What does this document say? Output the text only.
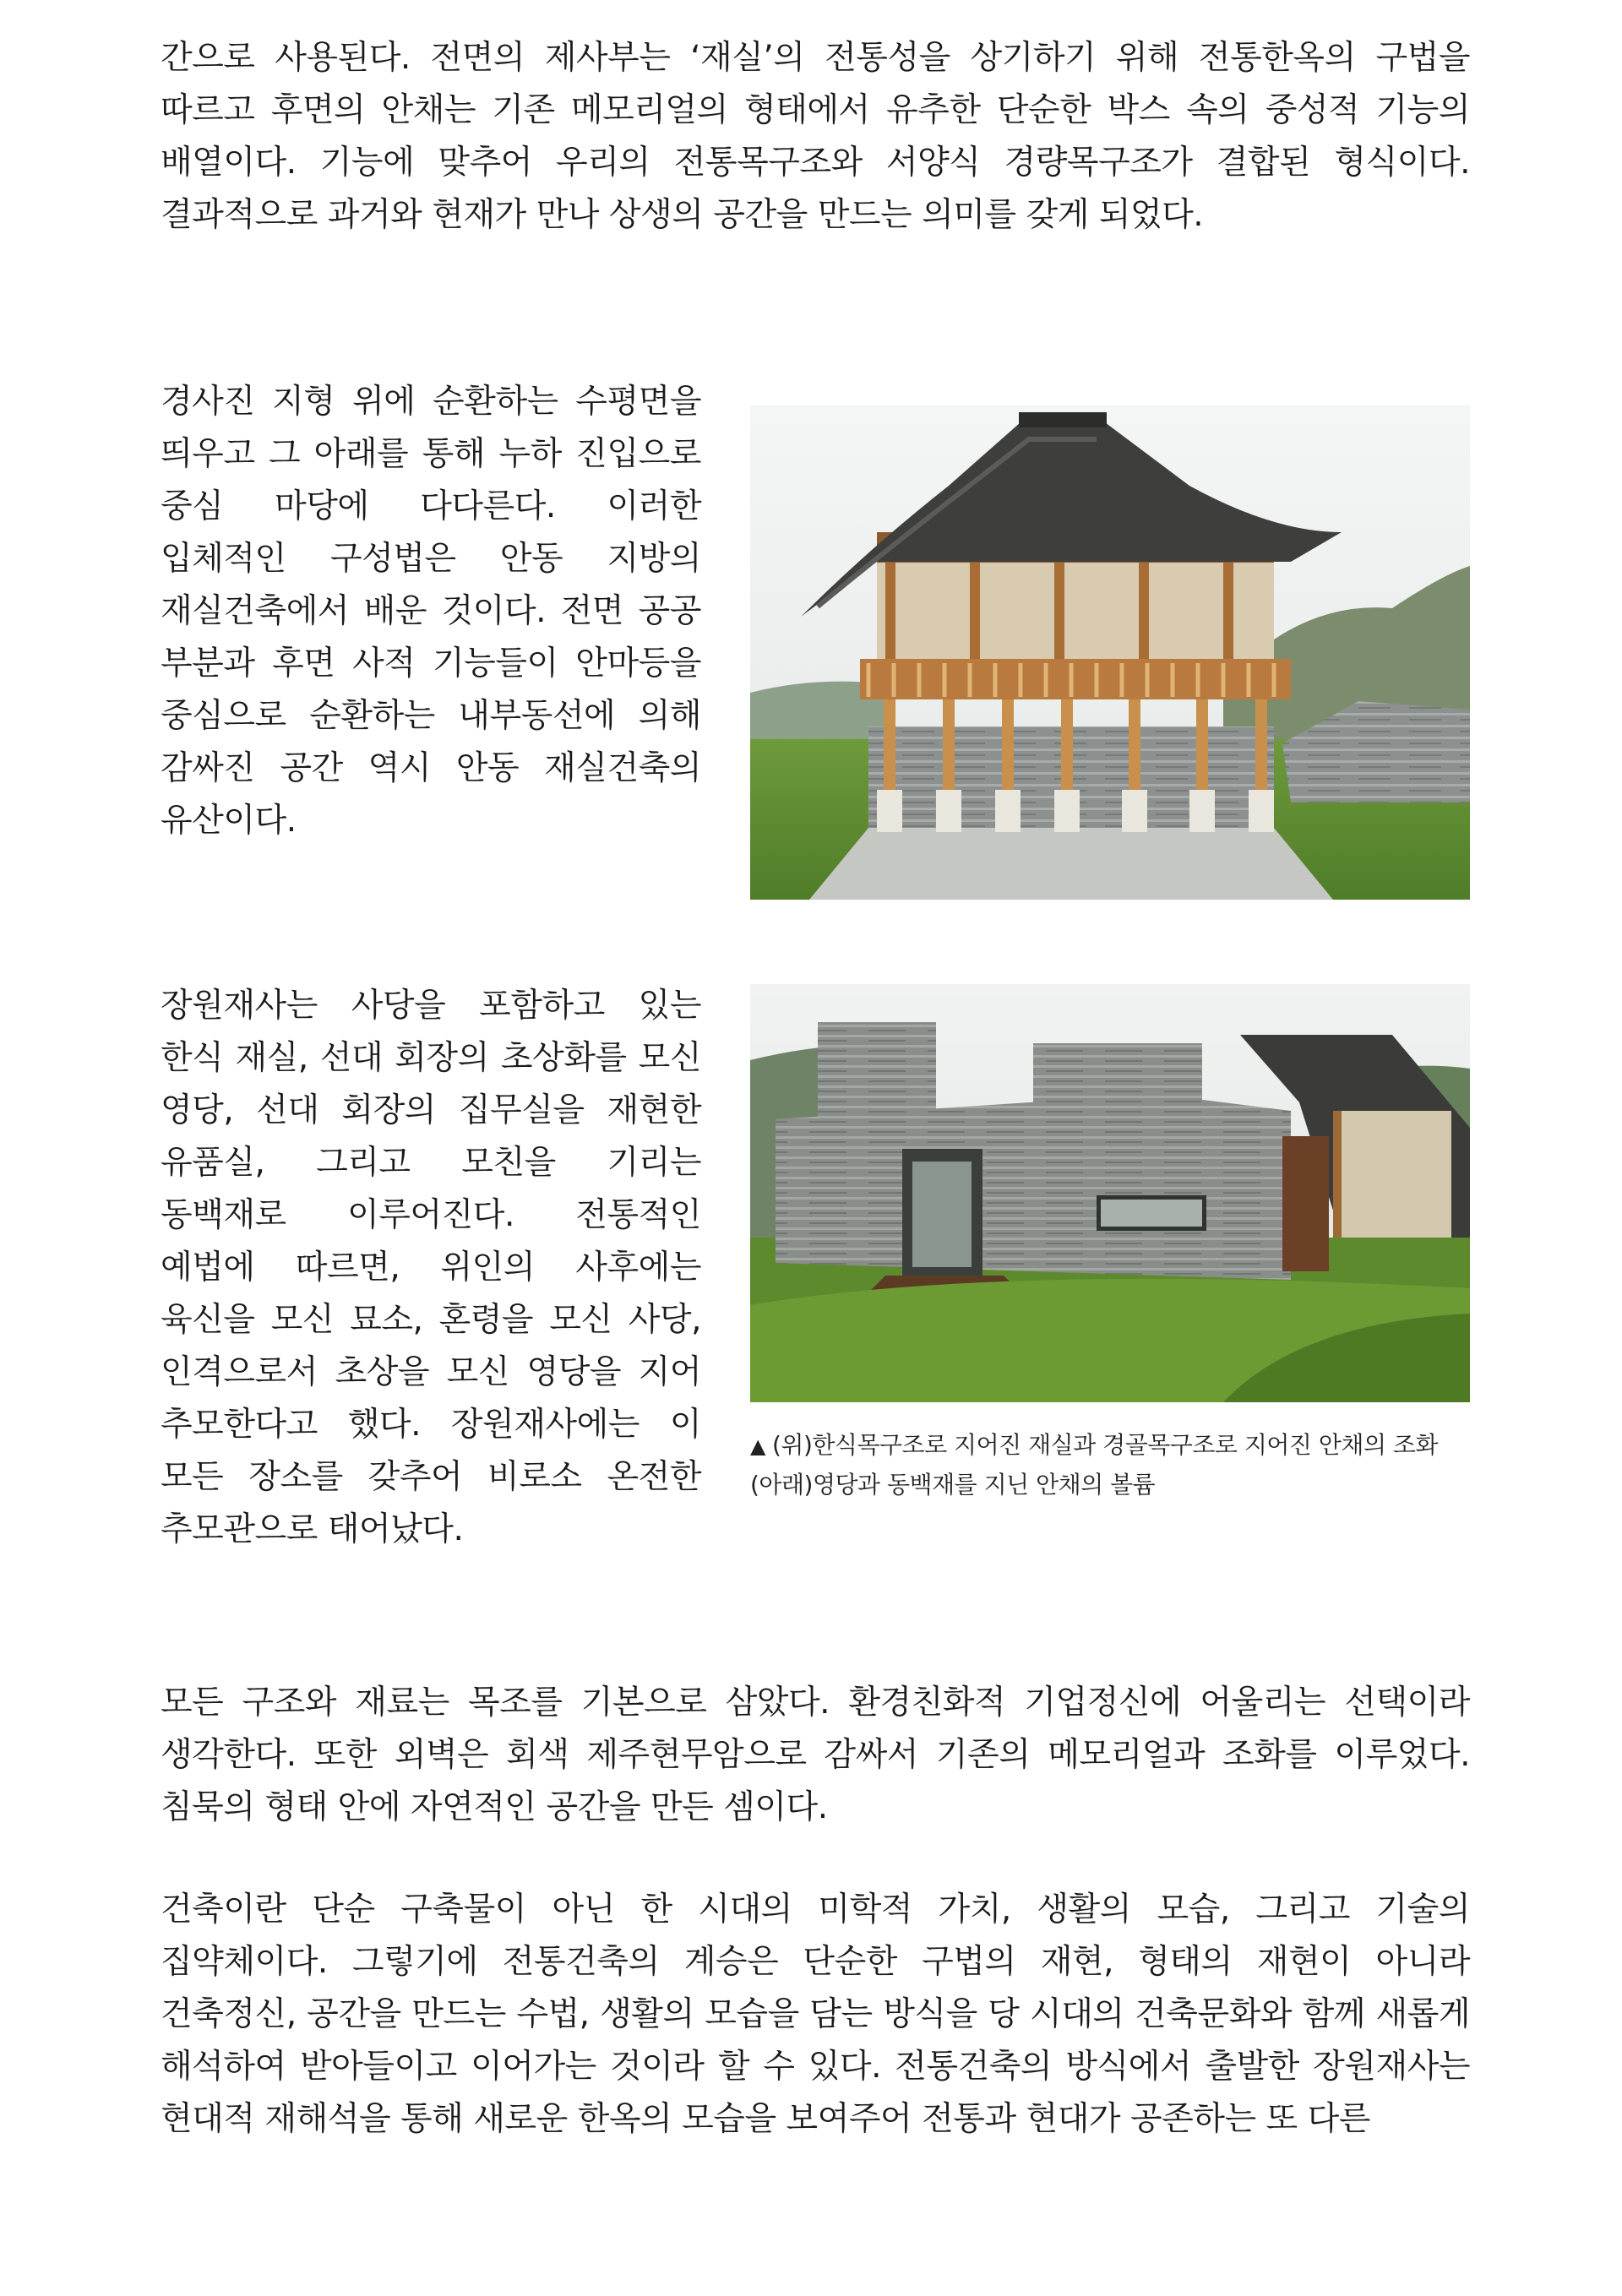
간으로 사용된다. 전면의 제사부는 ‘재실’의 전통성을 상기하기 위해 전통한옥의 구법을 따르고 후면의 안채는 기존 메모리얼의 형태에서 유추한 단순한 박스 속의 중성적 기능의 배열이다. 기능에 맞추어 우리의 전통목구조와 서양식 경량목구조가 결합된 형식이다. 결과적으로 과거와 현재가 만나 상생의 공간을 만드는 의미를 갖게 되었다.

경사진 지형 위에 순환하는 수평면을 띄우고 그 아래를 통해 누하 진입으로 중심 마당에 다다른다. 이러한 입체적인 구성법은 안동 지방의 재실건축에서 배운 것이다. 전면 공공 부분과 후면 사적 기능들이 안마등을 중심으로 순환하는 내부동선에 의해 감싸진 공간 역시 안동 재실건축의 유산이다.

장원재사는 사당을 포함하고 있는 한식 재실, 선대 회장의 초상화를 모신 영당, 선대 회장의 집무실을 재현한 유품실, 그리고 모친을 기리는 동백재로 이루어진다. 전통적인 예법에 따르면, 위인의 사후에는 육신을 모신 묘소, 혼령을 모신 사당, 인격으로서 초상을 모신 영당을 지어 추모한다고 했다. 장원재사에는 이 모든 장소를 갖추어 비로소 온전한 추모관으로 태어났다.

▲ (위)한식목구조로 지어진 재실과 경골목구조로 지어진 안채의 조화 (아래)영당과 동백재를 지닌 안채의 볼륨

모든 구조와 재료는 목조를 기본으로 삼았다. 환경친화적 기업정신에 어울리는 선택이라 생각한다. 또한 외벽은 회색 제주현무암으로 감싸서 기존의 메모리얼과 조화를 이루었다. 침묵의 형태 안에 자연적인 공간을 만든 셈이다.

건축이란 단순 구축물이 아닌 한 시대의 미학적 가치, 생활의 모습, 그리고 기술의 집약체이다. 그렇기에 전통건축의 계승은 단순한 구법의 재현, 형태의 재현이 아니라 건축정신, 공간을 만드는 수법, 생활의 모습을 담는 방식을 당 시대의 건축문화와 함께 새롭게 해석하여 받아들이고 이어가는 것이라 할 수 있다. 전통건축의 방식에서 출발한 장원재사는 현대적 재해석을 통해 새로운 한옥의 모습을 보여주어 전통과 현대가 공존하는 또 다른
